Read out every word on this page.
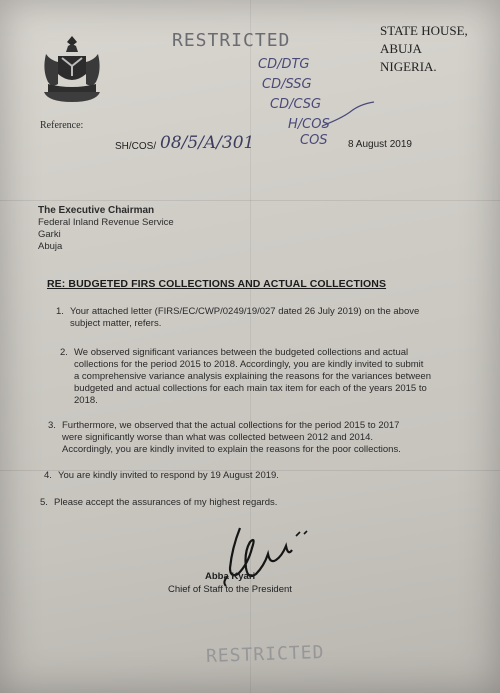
Reference:
RESTRICTED	STATE HOUSE,
ABUJA
NIGERIA.
CD/DTG
CD/SSG
CD/CSG
H/COS
COS
SH/COS/ 08/5/A/301	8 August 2019
The Executive Chairman
Federal Inland Revenue Service
Garki
Abuja
RE: BUDGETED FIRS COLLECTIONS AND ACTUAL COLLECTIONS
1. Your attached letter (FIRS/EC/CWP/0249/19/027 dated 26 July 2019) on the above
subject matter, refers.
2. We observed significant variances between the budgeted collections and actual
collections for the period 2015 to 2018. Accordingly, you are kindly invited to submit
a comprehensive variance analysis explaining the reasons for the variances between
budgeted and actual collections for each main tax item for each of the years 2015 to
2018.
3. Furthermore, we observed that the actual collections for the period 2015 to 2017
were significantly worse than what was collected between 2012 and 2014.
Accordingly, you are kindly invited to explain the reasons for the poor collections.
4. You are kindly invited to respond by 19 August 2019.
5. Please accept the assurances of my highest regards.
Abba Kyari
Chief of Staff to the President
RESTRICTED
